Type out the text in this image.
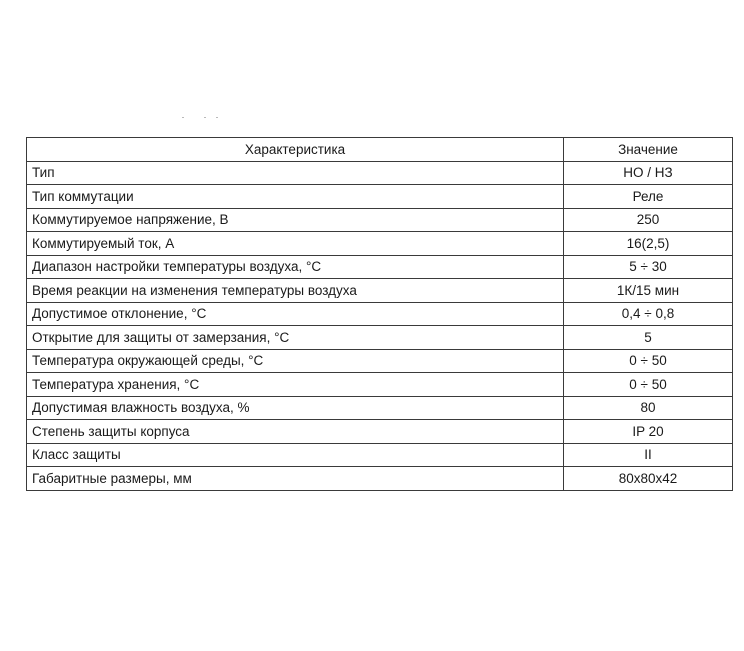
Характеристика	Значение
Тип	НО / НЗ
Тип коммутации	Реле
Коммутируемое напряжение, В	250
Коммутируемый ток, А	16(2,5)
Диапазон настройки температуры воздуха, °С	5 ÷ 30
Время реакции на изменения температуры воздуха	1К/15 мин
Допустимое отклонение, °С	0,4 ÷ 0,8
Открытие для защиты от замерзания, °С	5
Температура окружающей среды, °С	0 ÷ 50
Температура хранения, °С	0 ÷ 50
Допустимая влажность воздуха, %	80
Степень защиты корпуса	IP 20
Класс защиты	II
Габаритные размеры, мм	80х80х42
